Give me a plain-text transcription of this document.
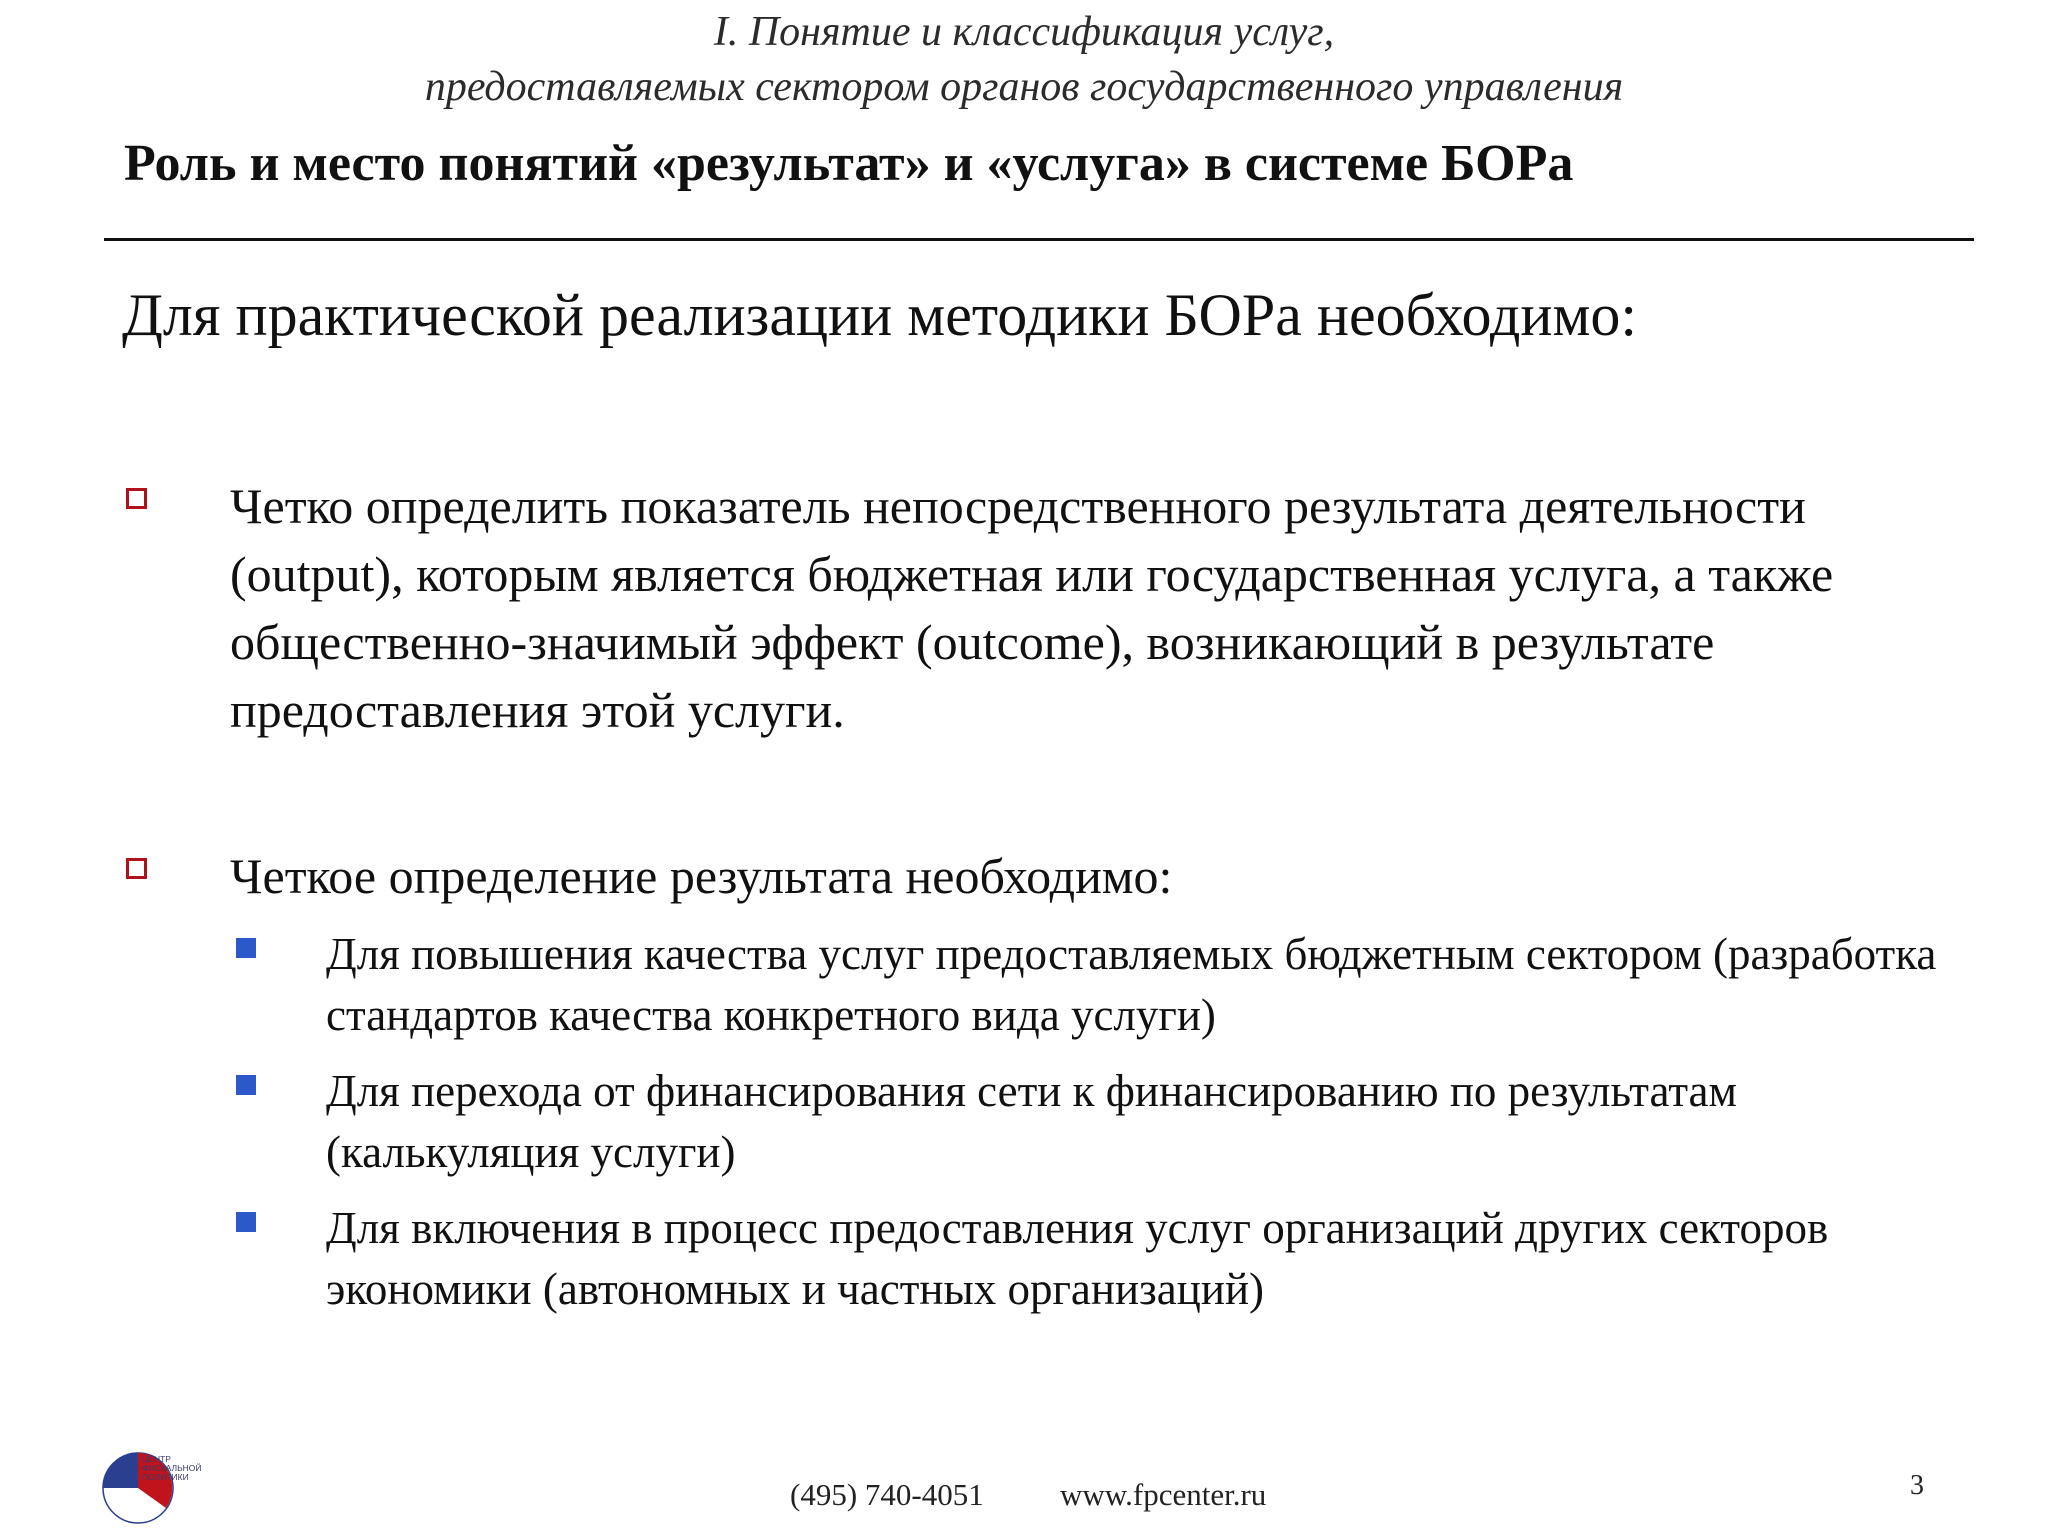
I. Понятие и классификация услуг,

предоставляемых сектором органов государственного управления

Роль и место понятий «результат» и «услуга» в системе БОРа

Для практической реализации методики БОРа необходимо:

Четко определить показатель непосредственного результата деятельности (output), которым является бюджетная или государственная услуга, а также общественно-значимый эффект (outcome), возникающий в результате предоставления этой услуги.
Четкое определение результата необходимо:
Для повышения качества услуг предоставляемых бюджетным сектором (разработка стандартов качества конкретного вида услуги)
Для перехода от финансирования сети к финансированию по результатам (калькуляция услуги)
Для включения в процесс предоставления услуг организаций других секторов экономики (автономных и частных организаций)
ЦЕНТР
ФИСКАЛЬНОЙ
ПОЛИТИКИ	(495) 740-4051 www.fpcenter.ru	3
